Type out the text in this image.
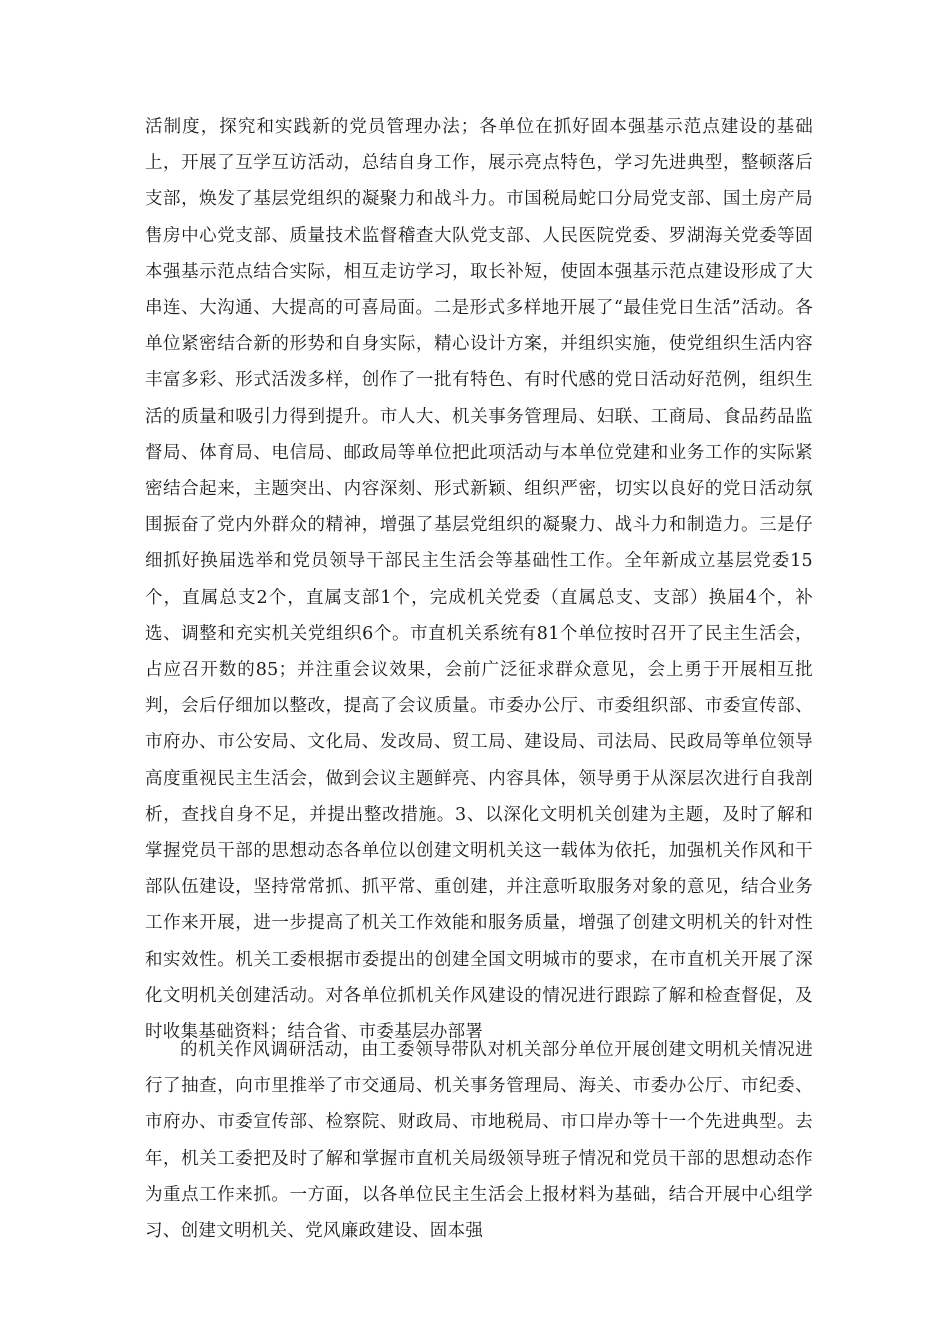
活制度，探究和实践新的党员管理办法；各单位在抓好固本强基示范点建设的基础上，开展了互学互访活动，总结自身工作，展示亮点特色，学习先进典型，整顿落后支部，焕发了基层党组织的凝聚力和战斗力。市国税局蛇口分局党支部、国土房产局售房中心党支部、质量技术监督稽查大队党支部、人民医院党委、罗湖海关党委等固本强基示范点结合实际，相互走访学习，取长补短，使固本强基示范点建设形成了大串连、大沟通、大提高的可喜局面。二是形式多样地开展了“最佳党日生活”活动。各单位紧密结合新的形势和自身实际，精心设计方案，并组织实施，使党组织生活内容丰富多彩、形式活泼多样，创作了一批有特色、有时代感的党日活动好范例，组织生活的质量和吸引力得到提升。市人大、机关事务管理局、妇联、工商局、食品药品监督局、体育局、电信局、邮政局等单位把此项活动与本单位党建和业务工作的实际紧密结合起来，主题突出、内容深刻、形式新颖、组织严密，切实以良好的党日活动氛围振奋了党内外群众的精神，增强了基层党组织的凝聚力、战斗力和制造力。三是仔细抓好换届选举和党员领导干部民主生活会等基础性工作。全年新成立基层党委15个，直属总支2个，直属支部1个，完成机关党委（直属总支、支部）换届4个，补选、调整和充实机关党组织6个。市直机关系统有81个单位按时召开了民主生活会，占应召开数的85；并注重会议效果，会前广泛征求群众意见，会上勇于开展相互批判，会后仔细加以整改，提高了会议质量。市委办公厅、市委组织部、市委宣传部、市府办、市公安局、文化局、发改局、贸工局、建设局、司法局、民政局等单位领导高度重视民主生活会，做到会议主题鲜亮、内容具体，领导勇于从深层次进行自我剖析，查找自身不足，并提出整改措施。3、以深化文明机关创建为主题，及时了解和掌握党员干部的思想动态各单位以创建文明机关这一载体为依托，加强机关作风和干部队伍建设，坚持常常抓、抓平常、重创建，并注意听取服务对象的意见，结合业务工作来开展，进一步提高了机关工作效能和服务质量，增强了创建文明机关的针对性和实效性。机关工委根据市委提出的创建全国文明城市的要求，在市直机关开展了深化文明机关创建活动。对各单位抓机关作风建设的情况进行跟踪了解和检查督促，及时收集基础资料；结合省、市委基层办部署
的机关作风调研活动，由工委领导带队对机关部分单位开展创建文明机关情况进行了抽查，向市里推举了市交通局、机关事务管理局、海关、市委办公厅、市纪委、市府办、市委宣传部、检察院、财政局、市地税局、市口岸办等十一个先进典型。去年，机关工委把及时了解和掌握市直机关局级领导班子情况和党员干部的思想动态作为重点工作来抓。一方面，以各单位民主生活会上报材料为基础，结合开展中心组学习、创建文明机关、党风廉政建设、固本强
